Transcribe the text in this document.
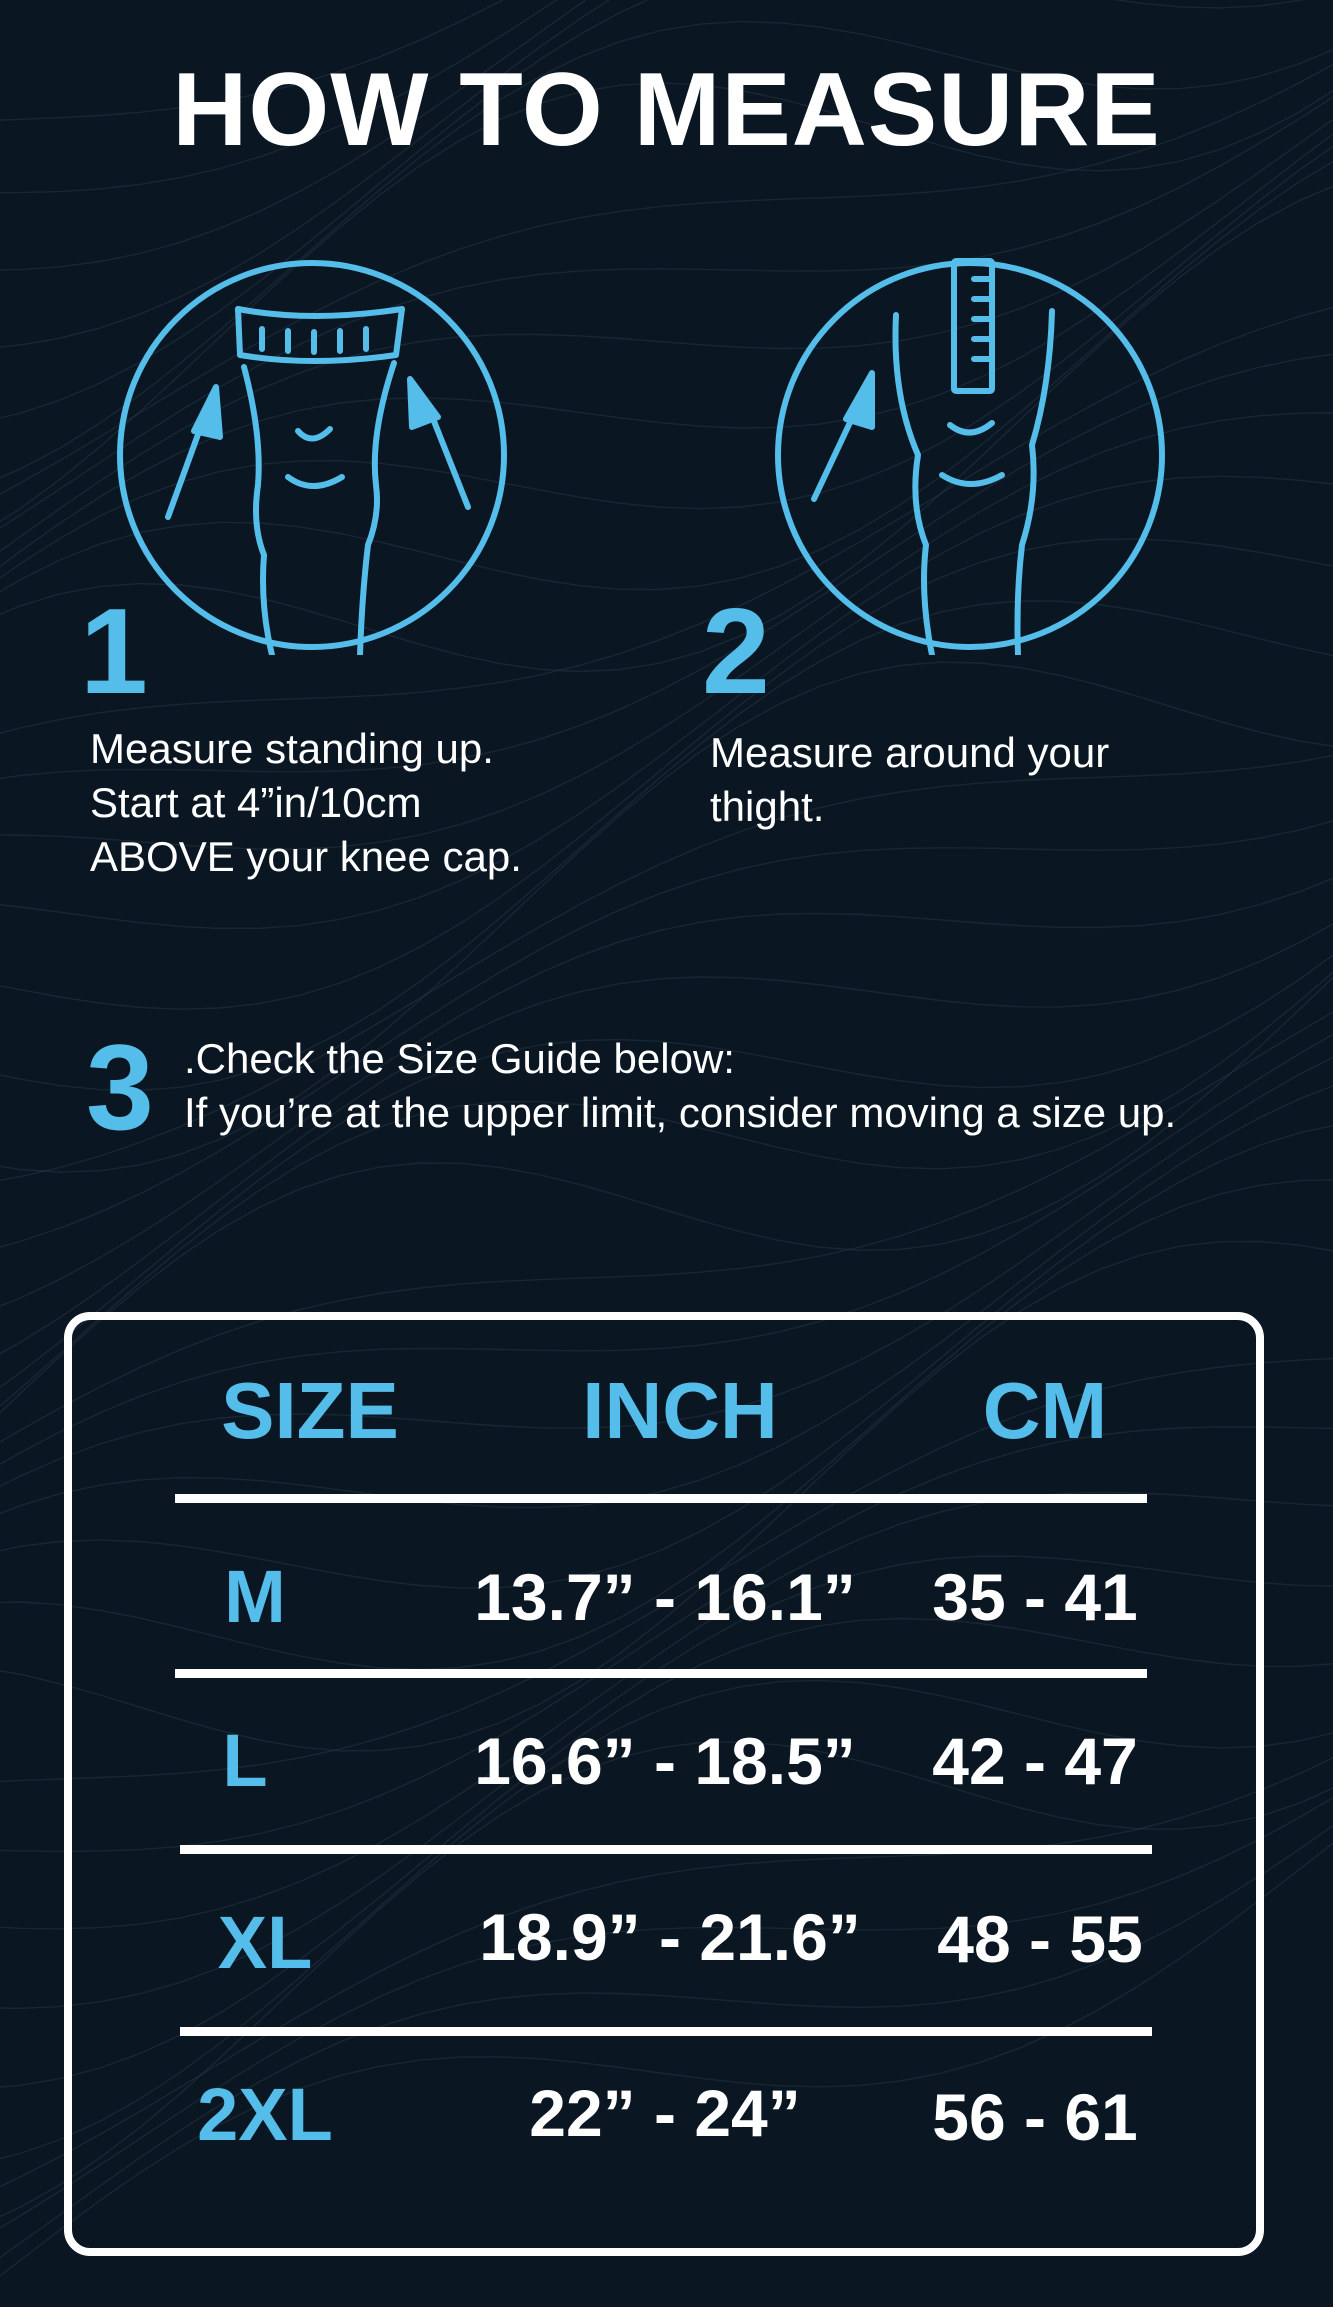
HOW TO MEASURE
1
Measure standing up.
Start at 4”in/10cm
ABOVE your knee cap.
2
Measure around your
thight.
3 .Check the Size Guide below:
If you’re at the upper limit, consider moving a size up.
SIZE	INCH	CM
M	13.7” - 16.1”	35 - 41
L	16.6” - 18.5”	42 - 47
XL	18.9” - 21.6”	48 - 55
2XL	22” - 24”	56 - 61
